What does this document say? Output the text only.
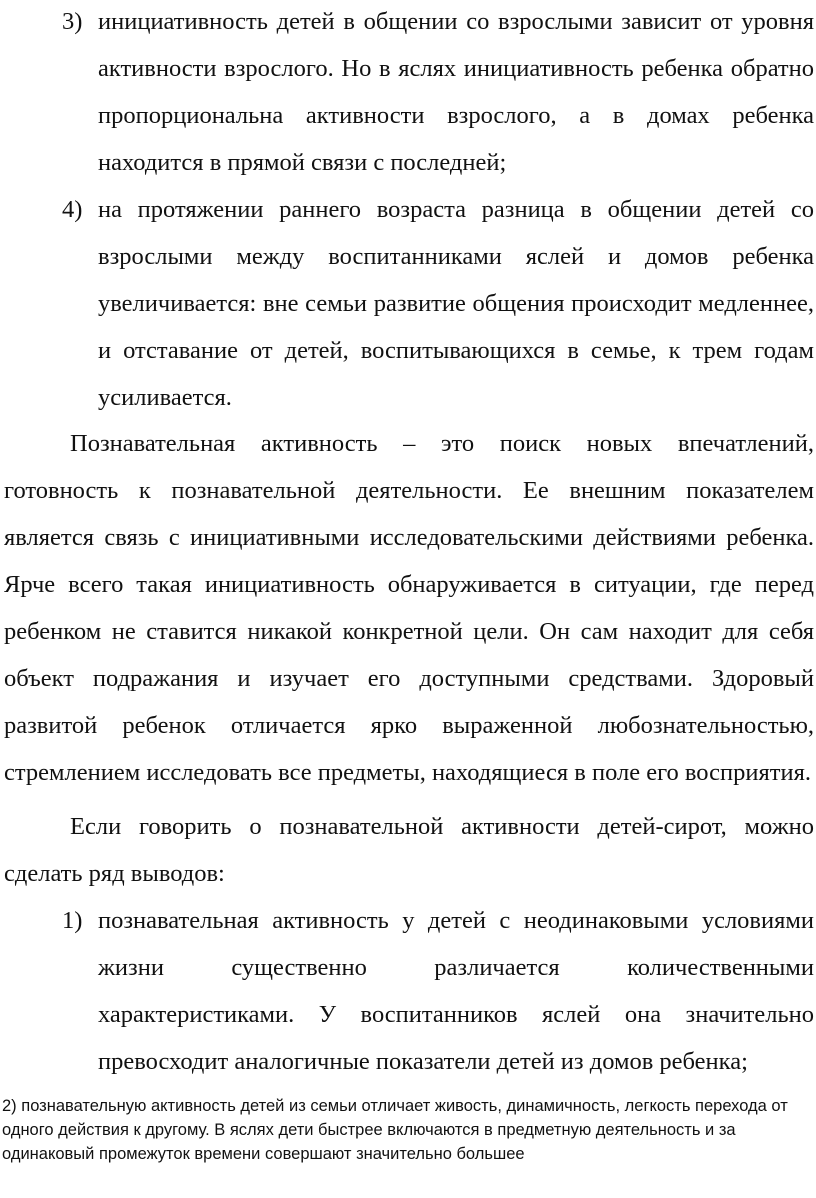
3) инициативность детей в общении со взрослыми зависит от уровня активности взрослого. Но в яслях инициативность ребенка обратно пропорциональна активности взрослого, а в домах ребенка находится в прямой связи с последней;
4) на протяжении раннего возраста разница в общении детей со взрослыми между воспитанниками яслей и домов ребенка увеличивается: вне семьи развитие общения происходит медленнее, и отставание от детей, воспитывающихся в семье, к трем годам усиливается.

Познавательная активность – это поиск новых впечатлений, готовность к познавательной деятельности. Ее внешним показателем является связь с инициативными исследовательскими действиями ребенка. Ярче всего такая инициативность обнаруживается в ситуации, где перед ребенком не ставится никакой конкретной цели. Он сам находит для себя объект подражания и изучает его доступными средствами. Здоровый развитой ребенок отличается ярко выраженной любознательностью, стремлением исследовать все предметы, находящиеся в поле его восприятия.

Если говорить о познавательной активности детей-сирот, можно сделать ряд выводов:

1) познавательная активность у детей с неодинаковыми условиями жизни существенно различается количественными характеристиками. У воспитанников яслей она значительно превосходит аналогичные показатели детей из домов ребенка;

2) познавательную активность детей из семьи отличает живость, динамичность, легкость перехода от одного действия к другому. В яслях дети быстрее включаются в предметную деятельность и за одинаковый промежуток времени совершают значительно большее
